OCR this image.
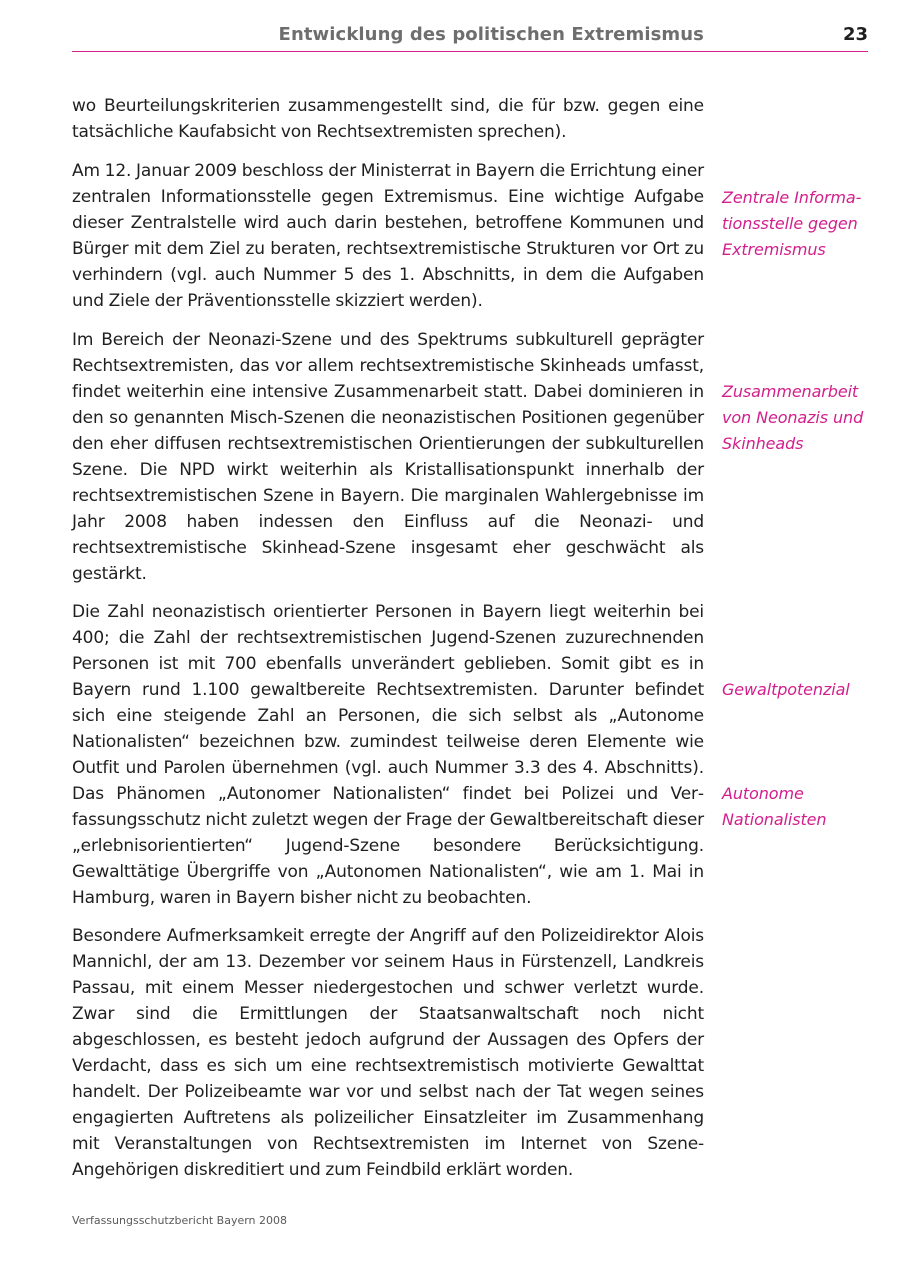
Entwicklung des politischen Extremismus	23

wo Beurteilungskriterien zusammengestellt sind, die für bzw. gegen eine tatsächliche Kaufabsicht von Rechtsextremisten sprechen).

Am 12. Januar 2009 beschloss der Ministerrat in Bayern die Errichtung einer zentralen Informationsstelle gegen Extremismus. Eine wichtige Aufgabe dieser Zentralstelle wird auch darin bestehen, betroffene Kommunen und Bürger mit dem Ziel zu beraten, rechtsextremistische Strukturen vor Ort zu verhindern (vgl. auch Nummer 5 des 1. Abschnitts, in dem die Aufgaben und Ziele der Präventionsstelle skizziert werden).

Im Bereich der Neonazi-Szene und des Spektrums subkulturell geprägter Rechtsextremisten, das vor allem rechtsextremistische Skinheads umfasst, findet weiterhin eine intensive Zusammenarbeit statt. Dabei dominieren in den so genannten Misch-Szenen die neonazistischen Positionen gegenüber den eher diffusen rechtsextremistischen Orientierungen der subkulturellen Szene. Die NPD wirkt weiterhin als Kristallisationspunkt innerhalb der rechtsextremistischen Szene in Bayern. Die marginalen Wahlergebnisse im Jahr 2008 haben indessen den Einfluss auf die Neonazi- und rechtsextremistische Skinhead-Szene insgesamt eher geschwächt als gestärkt.

Die Zahl neonazistisch orientierter Personen in Bayern liegt weiterhin bei 400; die Zahl der rechtsextremistischen Jugend-Szenen zuzurechnenden Personen ist mit 700 ebenfalls unverändert geblieben. Somit gibt es in Bayern rund 1.100 gewaltbereite Rechtsextremisten. Darunter befindet sich eine steigende Zahl an Personen, die sich selbst als „Autonome Nationalisten“ bezeichnen bzw. zumindest teilweise deren Elemente wie Outfit und Parolen übernehmen (vgl. auch Nummer 3.3 des 4. Abschnitts). Das Phänomen „Autonomer Nationalisten“ findet bei Polizei und Verfassungsschutz nicht zuletzt wegen der Frage der Gewaltbereitschaft dieser „erlebnisorientierten“ Jugend-Szene besondere Berücksichtigung. Gewalttätige Übergriffe von „Autonomen Nationalisten“, wie am 1. Mai in Hamburg, waren in Bayern bisher nicht zu beobachten.

Besondere Aufmerksamkeit erregte der Angriff auf den Polizeidirektor Alois Mannichl, der am 13. Dezember vor seinem Haus in Fürstenzell, Landkreis Passau, mit einem Messer niedergestochen und schwer verletzt wurde. Zwar sind die Ermittlungen der Staatsanwaltschaft noch nicht abgeschlossen, es besteht jedoch aufgrund der Aussagen des Opfers der Verdacht, dass es sich um eine rechtsextremistisch motivierte Gewalttat handelt. Der Polizeibeamte war vor und selbst nach der Tat wegen seines engagierten Auftretens als polizeilicher Einsatzleiter im Zusammenhang mit Veranstaltungen von Rechtsextremisten im Internet von Szene-Angehörigen diskreditiert und zum Feindbild erklärt worden.

Zentrale Informationsstelle gegen Extremismus

Zusammenarbeit von Neonazis und Skinheads

Gewaltpotenzial

Autonome Nationalisten

Verfassungsschutzbericht Bayern 2008
